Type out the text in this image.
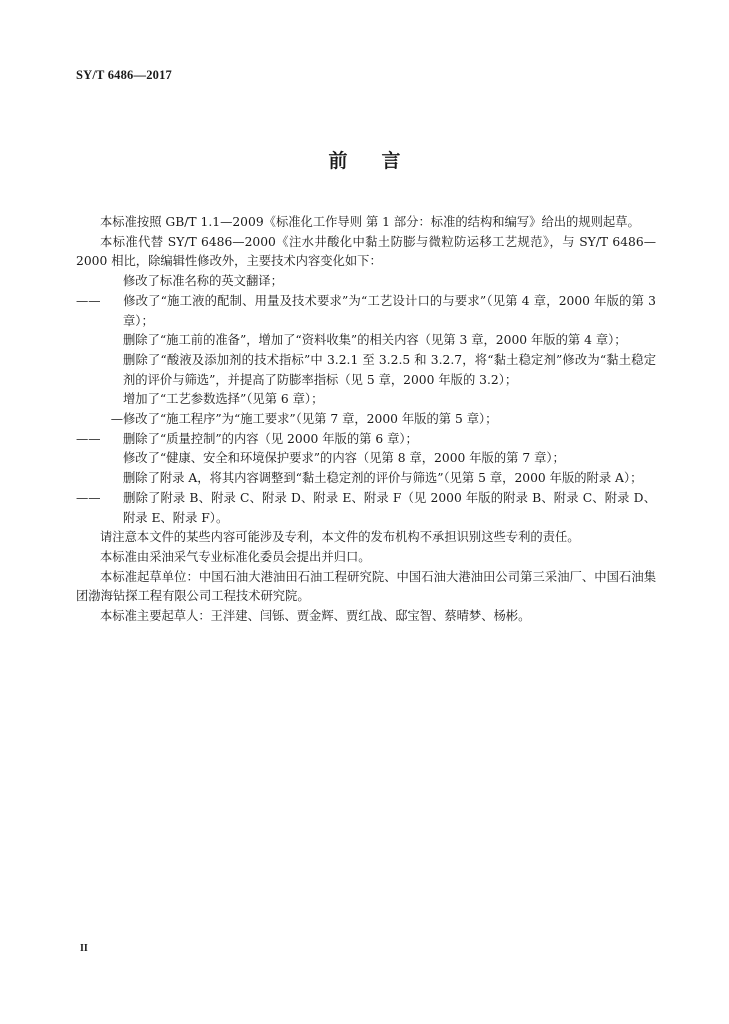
SY/T 6486—2017
前言

本标准按照 GB/T 1.1—2009《标准化工作导则 第 1 部分：标准的结构和编写》给出的规则起草。

本标准代替 SY/T 6486—2000《注水井酸化中黏土防膨与微粒防运移工艺规范》，与 SY/T 6486—2000 相比，除编辑性修改外，主要技术内容变化如下：

修改了标准名称的英文翻译；

—— 修改了“施工液的配制、用量及技术要求”为“工艺设计口的与要求”（见第 4 章，2000 年版的第 3 章）；

删除了“施工前的准备”，增加了“资料收集”的相关内容（见第 3 章，2000 年版的第 4 章）；

删除了“酸液及添加剂的技术指标”中 3.2.1 至 3.2.5 和 3.2.7，将“黏土稳定剂”修改为“黏土稳定剂的评价与筛选”，并提高了防膨率指标（见 5 章，2000 年版的 3.2）；

增加了“工艺参数选择”（见第 6 章）；

—修改了“施工程序”为“施工要求”（见第 7 章，2000 年版的第 5 章）；

—— 删除了“质量控制”的内容（见 2000 年版的第 6 章）；

修改了“健康、安全和环境保护要求”的内容（见第 8 章，2000 年版的第 7 章）；

删除了附录 A，将其内容调整到“黏土稳定剂的评价与筛选”（见第 5 章，2000 年版的附录 A）；

—— 删除了附录 B、附录 C、附录 D、附录 E、附录 F（见 2000 年版的附录 B、附录 C、附录 D、附录 E、附录 F）。

请注意本文件的某些内容可能涉及专利，本文件的发布机构不承担识别这些专利的责任。

本标准由采油采气专业标准化委员会提出并归口。

本标准起草单位：中国石油大港油田石油工程研究院、中国石油大港油田公司第三采油厂、中国石油集团渤海钻探工程有限公司工程技术研究院。

本标准主要起草人：王泮建、闫铄、贾金辉、贾红战、邸宝智、蔡晴梦、杨彬。

II
